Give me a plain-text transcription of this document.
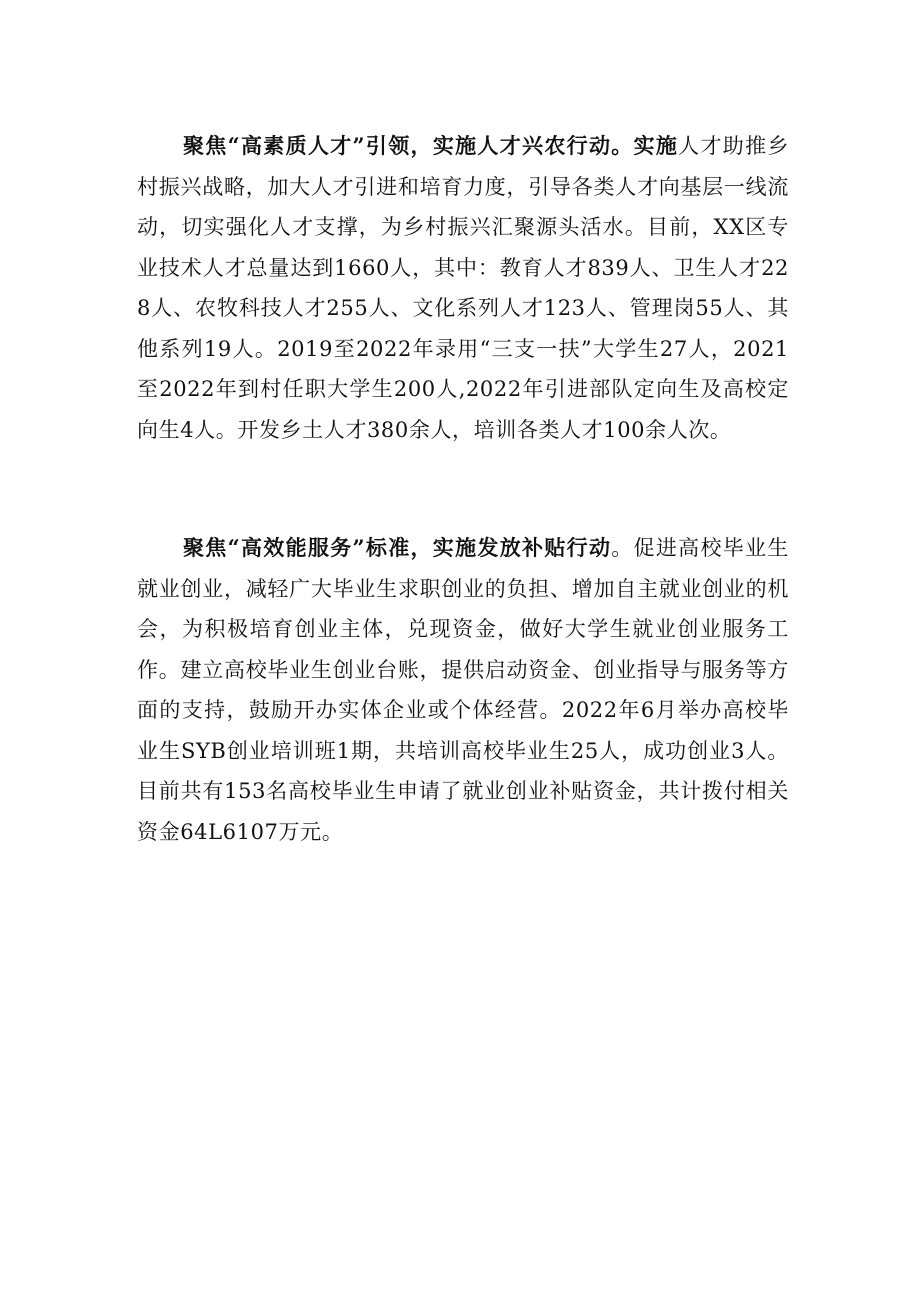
聚焦“高素质人才”引领，实施人才兴农行动。实施人才助推乡村振兴战略，加大人才引进和培育力度，引导各类人才向基层一线流动，切实强化人才支撑，为乡村振兴汇聚源头活水。目前，XX区专业技术人才总量达到1660人，其中：教育人才839人、卫生人才228人、农牧科技人才255人、文化系列人才123人、管理岗55人、其他系列19人。2019至2022年录用“三支一扶”大学生27人，2021至2022年到村任职大学生200人,2022年引进部队定向生及高校定向生4人。开发乡土人才380余人，培训各类人才100余人次。

聚焦“高效能服务”标准，实施发放补贴行动。促进高校毕业生就业创业，减轻广大毕业生求职创业的负担、增加自主就业创业的机会，为积极培育创业主体，兑现资金，做好大学生就业创业服务工作。建立高校毕业生创业台账，提供启动资金、创业指导与服务等方面的支持，鼓励开办实体企业或个体经营。2022年6月举办高校毕业生SYB创业培训班1期，共培训高校毕业生25人，成功创业3人。目前共有153名高校毕业生申请了就业创业补贴资金，共计拨付相关资金64L6107万元。
